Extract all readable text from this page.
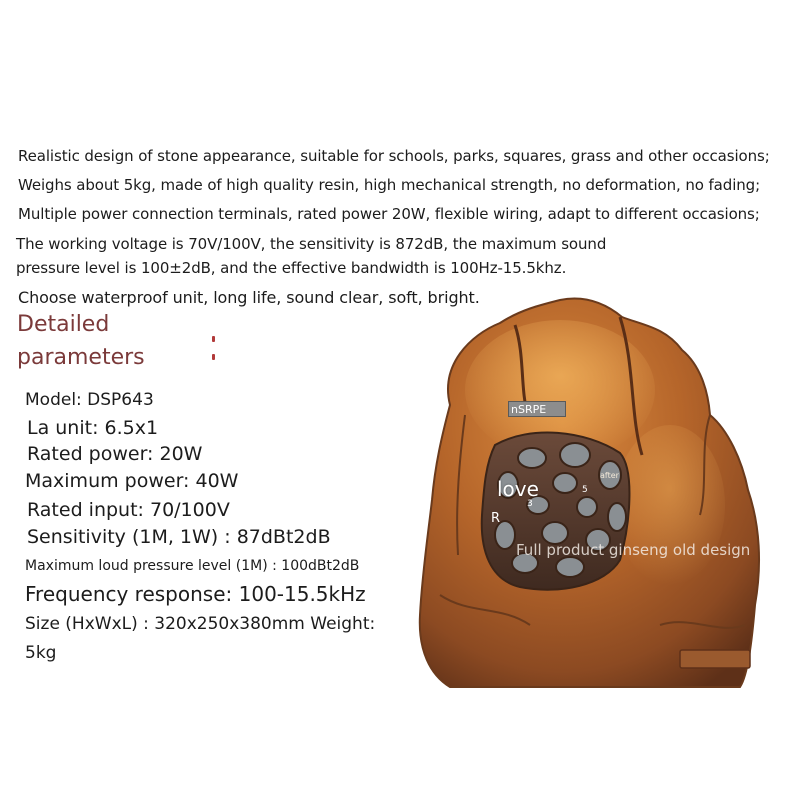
Realistic design of stone appearance, suitable for schools, parks, squares, grass and other occasions;
Weighs about 5kg, made of high quality resin, high mechanical strength, no deformation, no fading;
Multiple power connection terminals, rated power 20W, flexible wiring, adapt to different occasions;
The working voltage is 70V/100V, the sensitivity is 872dB, the maximum sound
pressure level is 100±2dB, and the effective bandwidth is 100Hz-15.5khz.
Choose waterproof unit, long life, sound clear, soft, bright.
Detailed
parameters
Model: DSP643
La unit: 6.5x1
Rated power: 20W
Maximum power: 40W
Rated input: 70/100V
Sensitivity (1M, 1W) : 87dBt2dB
Maximum loud pressure level (1M) : 100dBt2dB
Frequency response: 100-15.5kHz
Size (HxWxL) : 320x250x380mm Weight:
5kg
nSRPE
love
3
5
after
R
Full product ginseng old design
